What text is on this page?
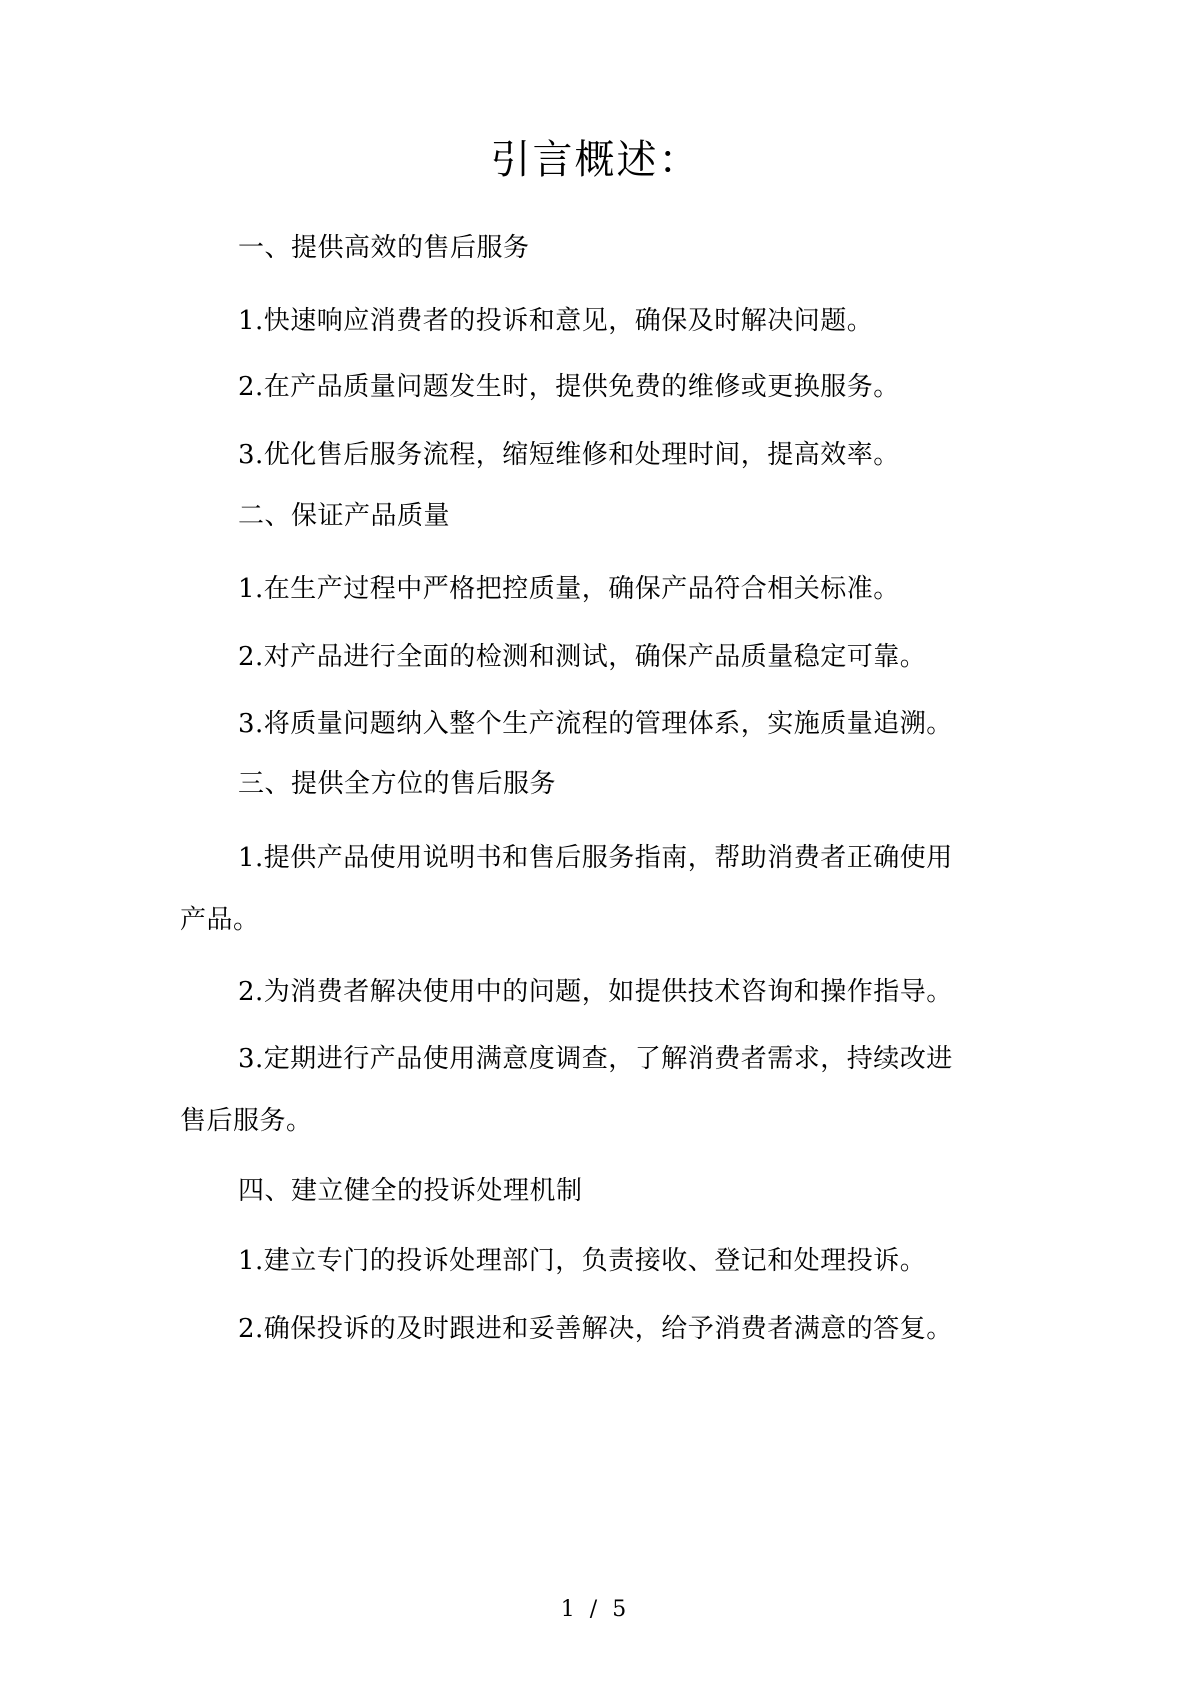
引言概述：
一、提供高效的售后服务
1.快速响应消费者的投诉和意见，确保及时解决问题。
2.在产品质量问题发生时，提供免费的维修或更换服务。
3.优化售后服务流程，缩短维修和处理时间，提高效率。
二、保证产品质量
1.在生产过程中严格把控质量，确保产品符合相关标准。
2.对产品进行全面的检测和测试，确保产品质量稳定可靠。
3.将质量问题纳入整个生产流程的管理体系，实施质量追溯。
三、提供全方位的售后服务
1.提供产品使用说明书和售后服务指南，帮助消费者正确使用
产品。
2.为消费者解决使用中的问题，如提供技术咨询和操作指导。
3.定期进行产品使用满意度调查，了解消费者需求，持续改进
售后服务。
四、建立健全的投诉处理机制
1.建立专门的投诉处理部门，负责接收、登记和处理投诉。
2.确保投诉的及时跟进和妥善解决，给予消费者满意的答复。
1 / 5
